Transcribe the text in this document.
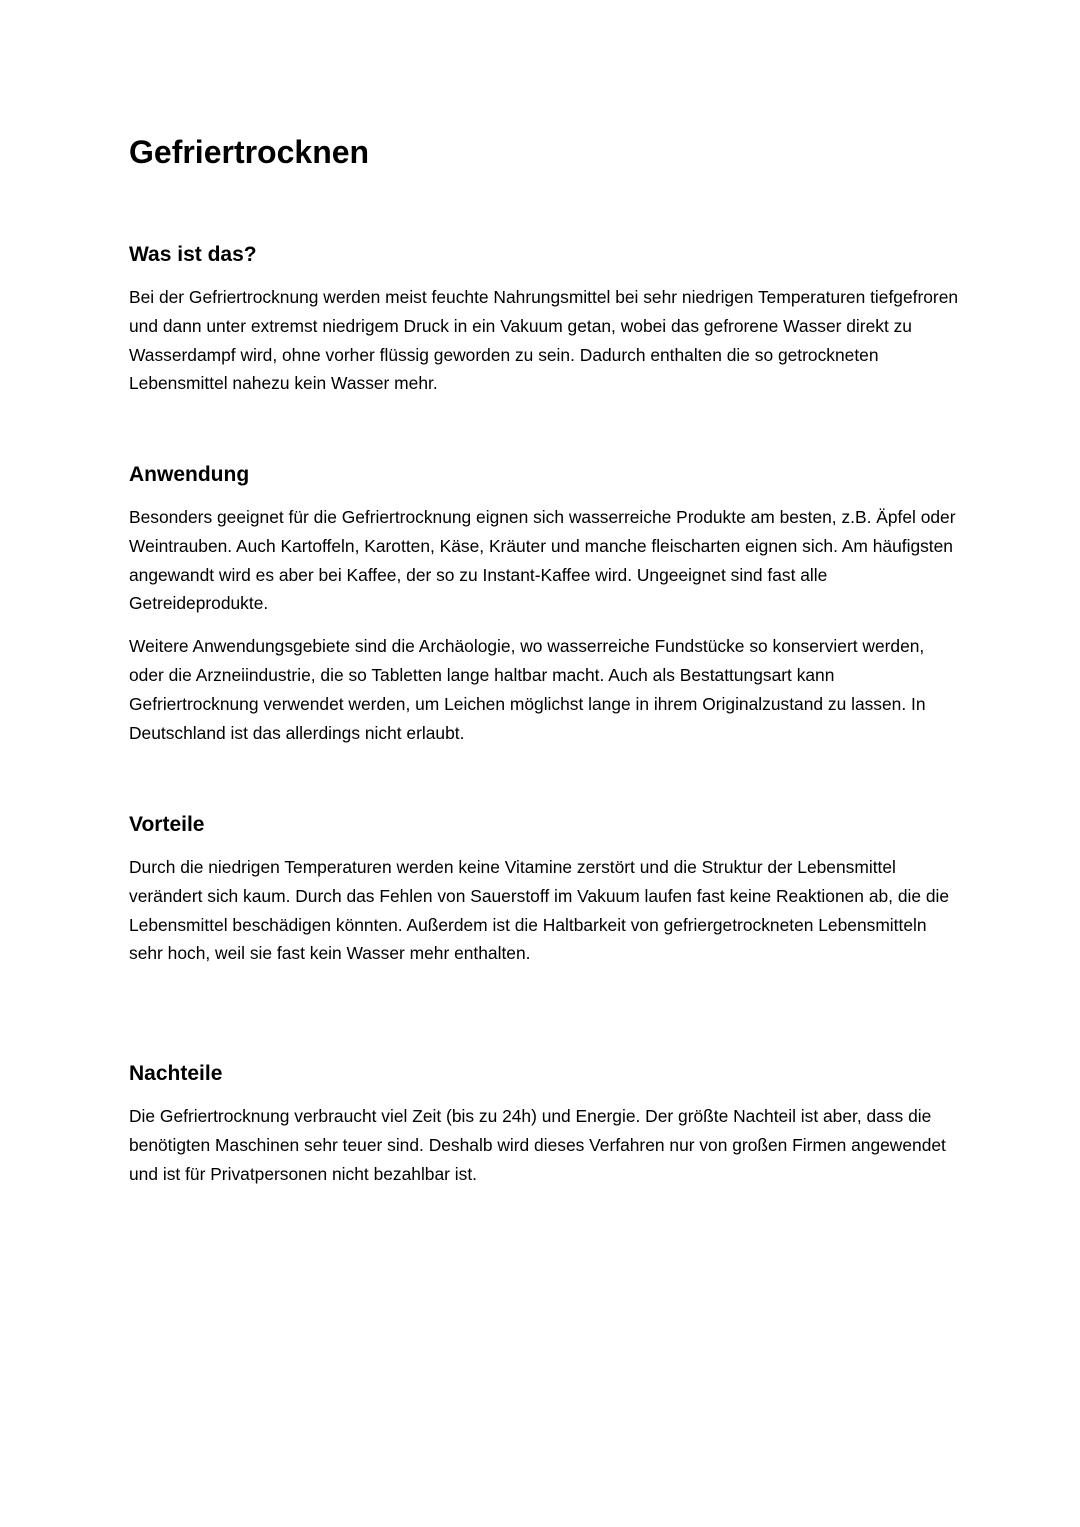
Gefriertrocknen
Was ist das?

Bei der Gefriertrocknung werden meist feuchte Nahrungsmittel bei sehr niedrigen Temperaturen tiefgefroren und dann unter extremst niedrigem Druck in ein Vakuum getan, wobei das gefrorene Wasser direkt zu Wasserdampf wird, ohne vorher flüssig geworden zu sein. Dadurch enthalten die so getrockneten Lebensmittel nahezu kein Wasser mehr.

Anwendung

Besonders geeignet für die Gefriertrocknung eignen sich wasserreiche Produkte am besten, z.B. Äpfel oder Weintrauben. Auch Kartoffeln, Karotten, Käse, Kräuter und manche fleischarten eignen sich. Am häufigsten angewandt wird es aber bei Kaffee, der so zu Instant-Kaffee wird. Ungeeignet sind fast alle Getreideprodukte.

Weitere Anwendungsgebiete sind die Archäologie, wo wasserreiche Fundstücke so konserviert werden, oder die Arzneiindustrie, die so Tabletten lange haltbar macht. Auch als Bestattungsart kann Gefriertrocknung verwendet werden, um Leichen möglichst lange in ihrem Originalzustand zu lassen. In Deutschland ist das allerdings nicht erlaubt.

Vorteile

Durch die niedrigen Temperaturen werden keine Vitamine zerstört und die Struktur der Lebensmittel verändert sich kaum. Durch das Fehlen von Sauerstoff im Vakuum laufen fast keine Reaktionen ab, die die Lebensmittel beschädigen könnten. Außerdem ist die Haltbarkeit von gefriergetrockneten Lebensmitteln sehr hoch, weil sie fast kein Wasser mehr enthalten.

Nachteile

Die Gefriertrocknung verbraucht viel Zeit (bis zu 24h) und Energie. Der größte Nachteil ist aber, dass die benötigten Maschinen sehr teuer sind. Deshalb wird dieses Verfahren nur von großen Firmen angewendet und ist für Privatpersonen nicht bezahlbar ist.
